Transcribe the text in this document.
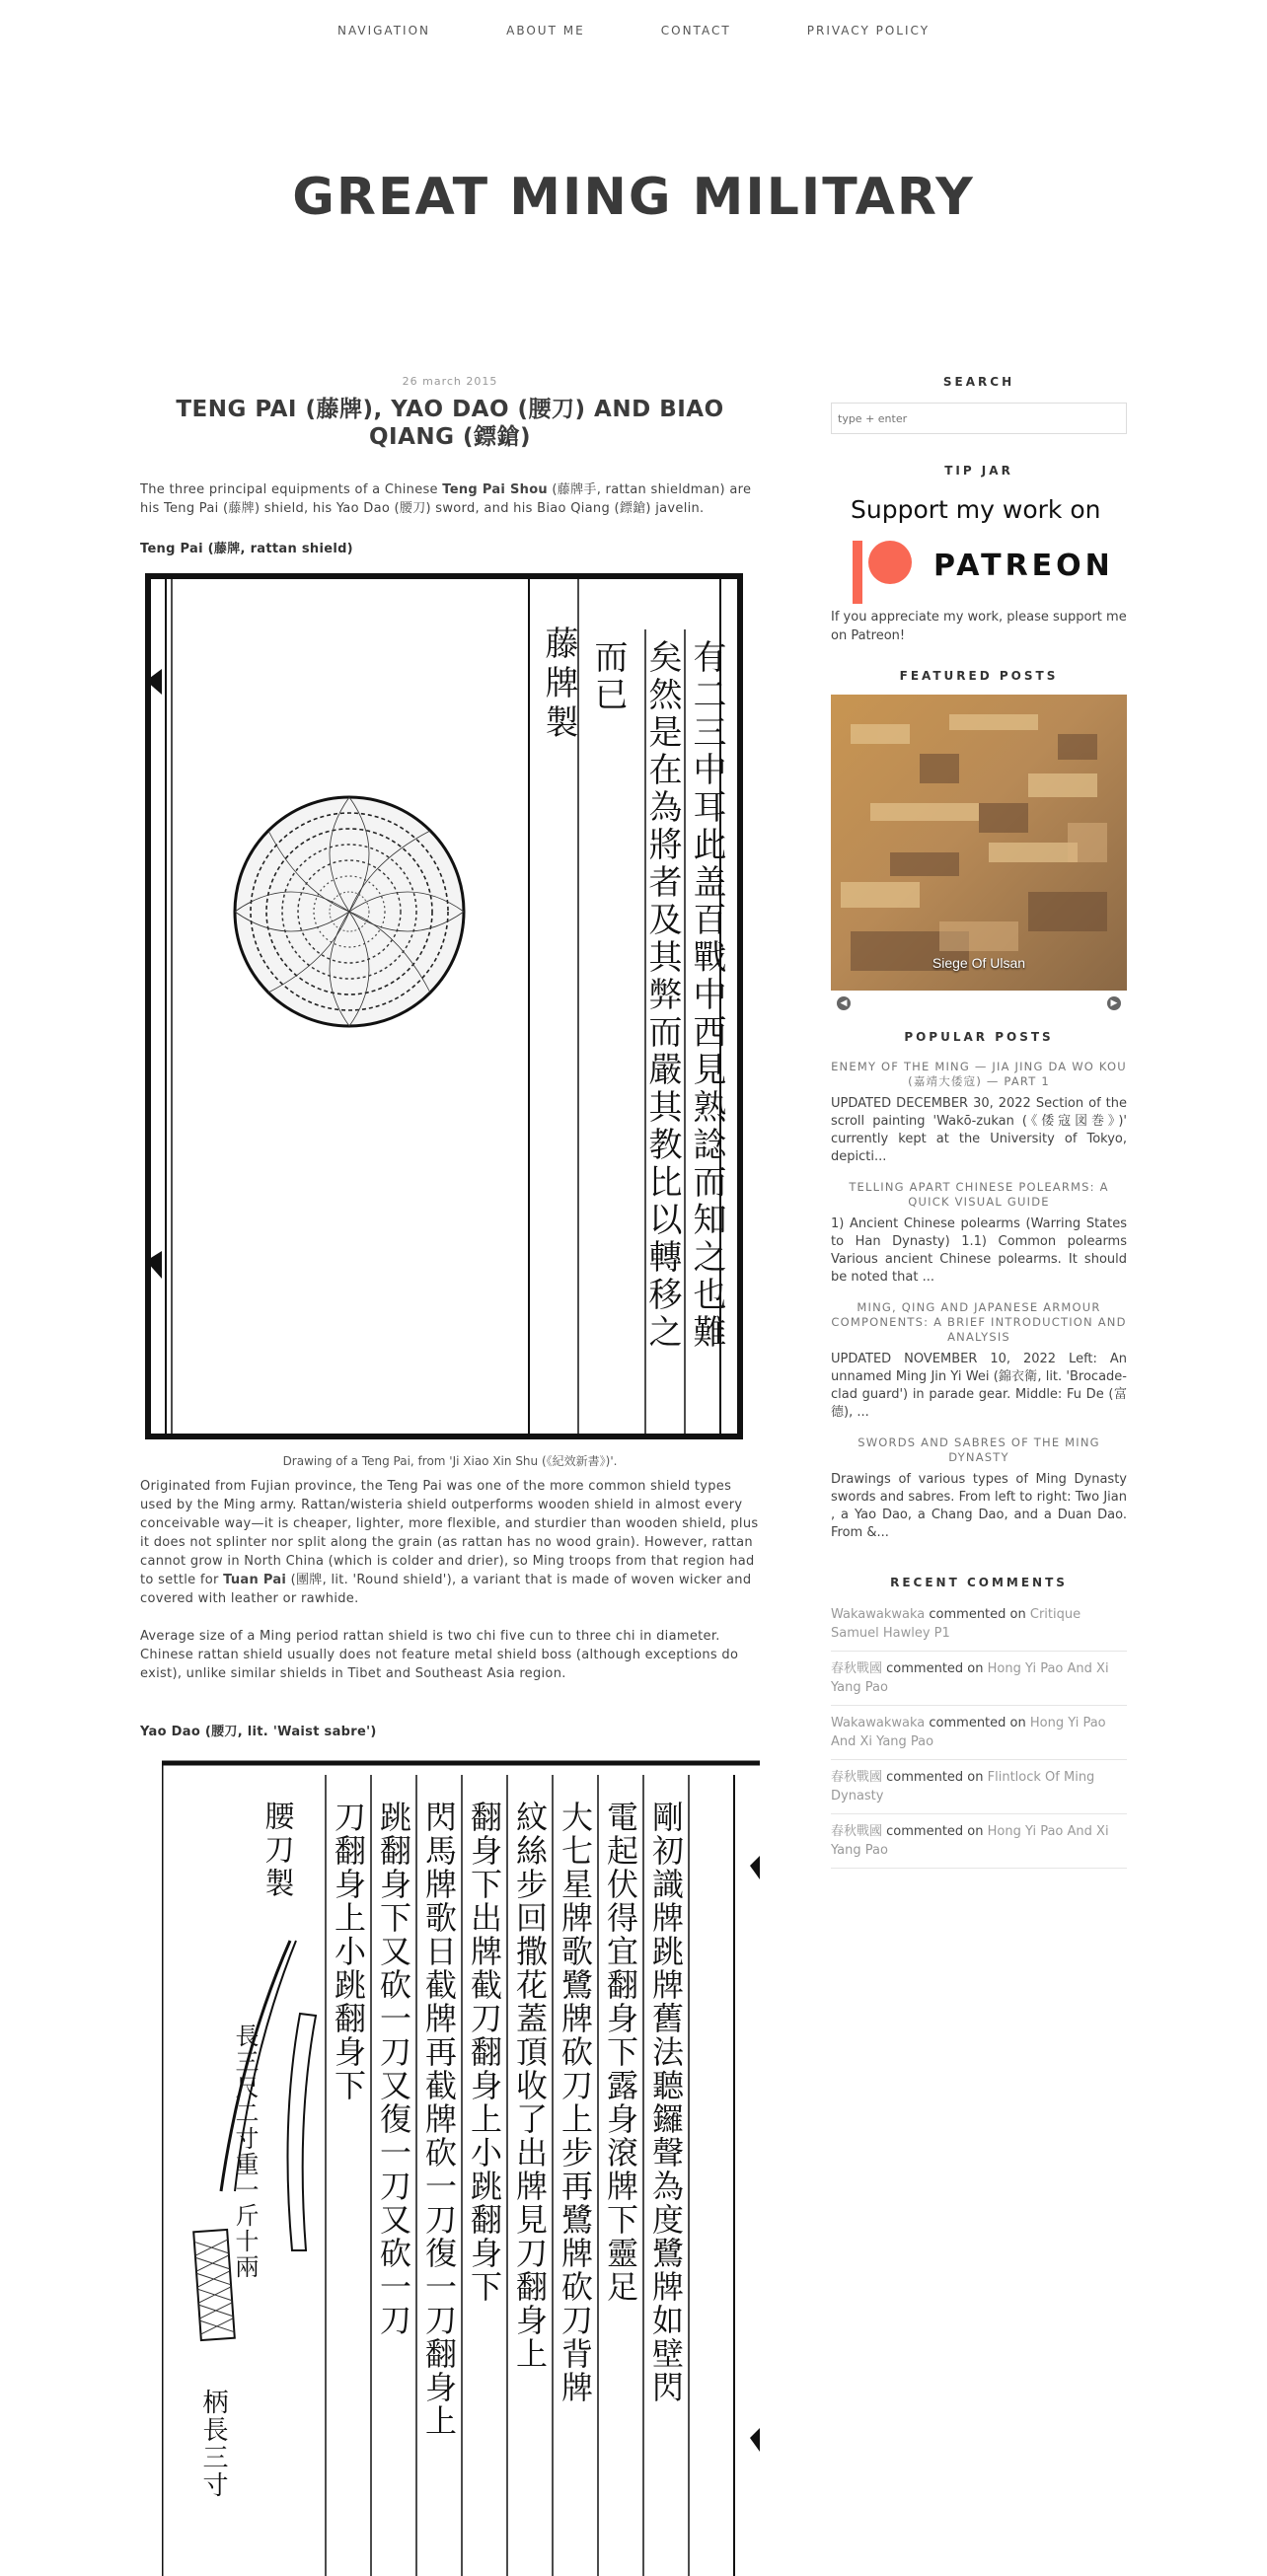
NAVIGATION	ABOUT ME	CONTACT	PRIVACY POLICY
GREAT MING MILITARY
26 march 2015
TENG PAI (藤牌), YAO DAO (腰刀) AND BIAO QIANG (鏢鎗)

The three principal equipments of a Chinese Teng Pai Shou (藤牌手, rattan shieldman) are his Teng Pai (藤牌) shield, his Yao Dao (腰刀) sword, and his Biao Qiang (鏢鎗) javelin.

Teng Pai (藤牌, rattan shield)

藤牌製	有二三中耳此盖百戰中西見熟諗而知之也難
矣然是在為將者及其弊而嚴其教比以轉移之
而已
Drawing of a Teng Pai, from 'Ji Xiao Xin Shu (《紀效新書》)'.

Originated from Fujian province, the Teng Pai was one of the more common shield types used by the Ming army. Rattan/wisteria shield outperforms wooden shield in almost every conceivable way—it is cheaper, lighter, more flexible, and sturdier than wooden shield, plus it does not splinter nor split along the grain (as rattan has no wood grain). However, rattan cannot grow in North China (which is colder and drier), so Ming troops from that region had to settle for Tuan Pai (團牌, lit. 'Round shield'), a variant that is made of woven wicker and covered with leather or rawhide.

Average size of a Ming period rattan shield is two chi five cun to three chi in diameter. Chinese rattan shield usually does not feature metal shield boss (although exceptions do exist), unlike similar shields in Tibet and Southeast Asia region.

Yao Dao (腰刀, lit. 'Waist sabre')

腰刀製
長三尺二寸重一斤十兩
柄長三寸
閃馬牌歌日截牌再截牌砍一刀復一刀翻身上 翻身下出牌截刀翻身上小跳翻身下
跳翻身下又砍一刀又復一刀又砍一刀
刀翻身上小跳翻身下	紋絲步回撒花蓋頂收了出牌見刀翻身上 大七星牌歌鷺牌砍刀上步再鷺牌砍刀背牌 電起伏得宜翻身下露身滾牌下靈足 剛初識牌跳牌舊法聽鑼聲為度鷺牌如壁閃
SEARCH
type + enter
TIP JAR
Support my work on
PATREON
If you appreciate my work, please support me on Patreon!
FEATURED POSTS
Siege Of Ulsan
◀	▶
POPULAR POSTS
ENEMY OF THE MING — JIA JING DA WO KOU (嘉靖大倭寇) — PART 1
UPDATED DECEMBER 30, 2022 Section of the scroll painting 'Wakō-zukan (《倭寇図巻》)' currently kept at the University of Tokyo, depicti...
TELLING APART CHINESE POLEARMS: A QUICK VISUAL GUIDE
1) Ancient Chinese polearms (Warring States to Han Dynasty) 1.1) Common polearms Various ancient Chinese polearms. It should be noted that ...
MING, QING AND JAPANESE ARMOUR COMPONENTS: A BRIEF INTRODUCTION AND ANALYSIS
UPDATED NOVEMBER 10, 2022 Left: An unnamed Ming Jin Yi Wei (錦衣衛, lit. 'Brocade-clad guard') in parade gear. Middle: Fu De (富德), ...
SWORDS AND SABRES OF THE MING DYNASTY
Drawings of various types of Ming Dynasty swords and sabres. From left to right: Two Jian , a Yao Dao, a Chang Dao, and a Duan Dao. From &...
RECENT COMMENTS
Wakawakwaka commented on Critique Samuel Hawley P1
春秋戰國 commented on Hong Yi Pao And Xi Yang Pao
Wakawakwaka commented on Hong Yi Pao And Xi Yang Pao
春秋戰國 commented on Flintlock Of Ming Dynasty
春秋戰國 commented on Hong Yi Pao And Xi Yang Pao
